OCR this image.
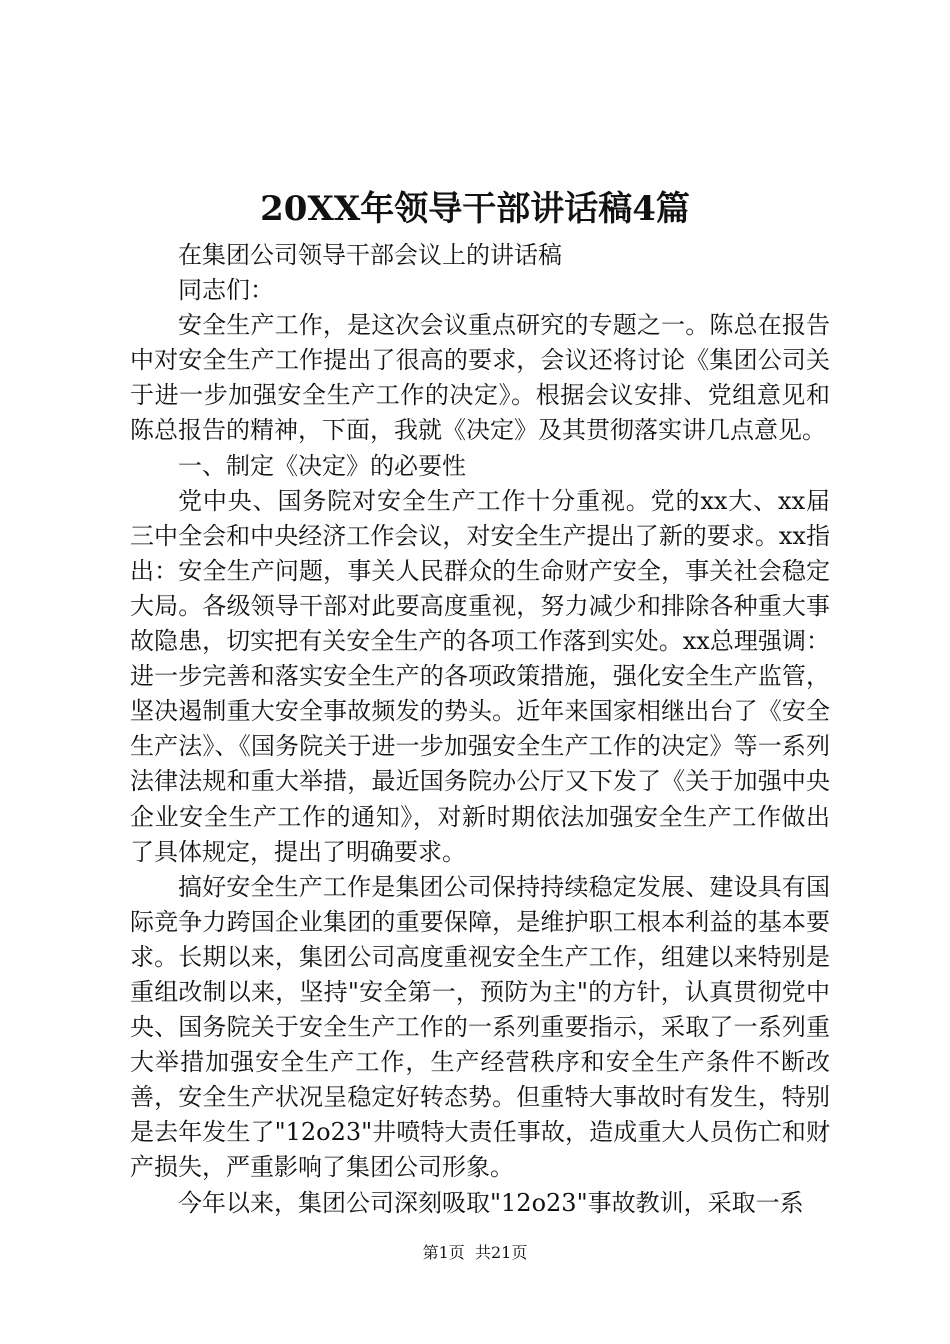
20XX年领导干部讲话稿4篇

在集团公司领导干部会议上的讲话稿

同志们：

安全生产工作，是这次会议重点研究的专题之一。陈总在报告中对安全生产工作提出了很高的要求，会议还将讨论《集团公司关于进一步加强安全生产工作的决定》。根据会议安排、党组意见和陈总报告的精神，下面，我就《决定》及其贯彻落实讲几点意见。

一、制定《决定》的必要性

党中央、国务院对安全生产工作十分重视。党的xx大、xx届三中全会和中央经济工作会议，对安全生产提出了新的要求。xx指出：安全生产问题，事关人民群众的生命财产安全，事关社会稳定大局。各级领导干部对此要高度重视，努力减少和排除各种重大事故隐患，切实把有关安全生产的各项工作落到实处。xx总理强调：进一步完善和落实安全生产的各项政策措施，强化安全生产监管，坚决遏制重大安全事故频发的势头。近年来国家相继出台了《安全生产法》、《国务院关于进一步加强安全生产工作的决定》等一系列法律法规和重大举措，最近国务院办公厅又下发了《关于加强中央企业安全生产工作的通知》，对新时期依法加强安全生产工作做出了具体规定，提出了明确要求。

搞好安全生产工作是集团公司保持持续稳定发展、建设具有国际竞争力跨国企业集团的重要保障，是维护职工根本利益的基本要求。长期以来，集团公司高度重视安全生产工作，组建以来特别是重组改制以来，坚持"安全第一，预防为主"的方针，认真贯彻党中央、国务院关于安全生产工作的一系列重要指示，采取了一系列重大举措加强安全生产工作，生产经营秩序和安全生产条件不断改善，安全生产状况呈稳定好转态势。但重特大事故时有发生，特别是去年发生了"12o23"井喷特大责任事故，造成重大人员伤亡和财产损失，严重影响了集团公司形象。

今年以来，集团公司深刻吸取"12o23"事故教训，采取一系

第1页 共21页
